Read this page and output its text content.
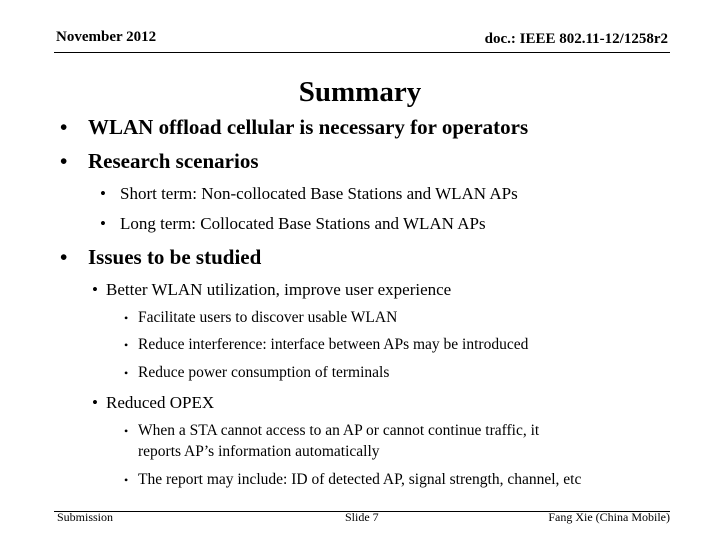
November 2012	doc.: IEEE 802.11-12/1258r2
Summary
• WLAN offload cellular is necessary for operators
• Research scenarios
• Short term: Non-collocated Base Stations and WLAN APs
• Long term: Collocated Base Stations and WLAN APs
• Issues to be studied
• Better WLAN utilization, improve user experience
• Facilitate users to discover usable WLAN
• Reduce interference: interface between APs may be introduced
• Reduce power consumption of terminals
• Reduced OPEX
• When a STA cannot access to an AP or cannot continue traffic, it
reports AP’s information automatically
• The report may include: ID of detected AP, signal strength, channel, etc
Submission	Slide 7	Fang Xie (China Mobile)
